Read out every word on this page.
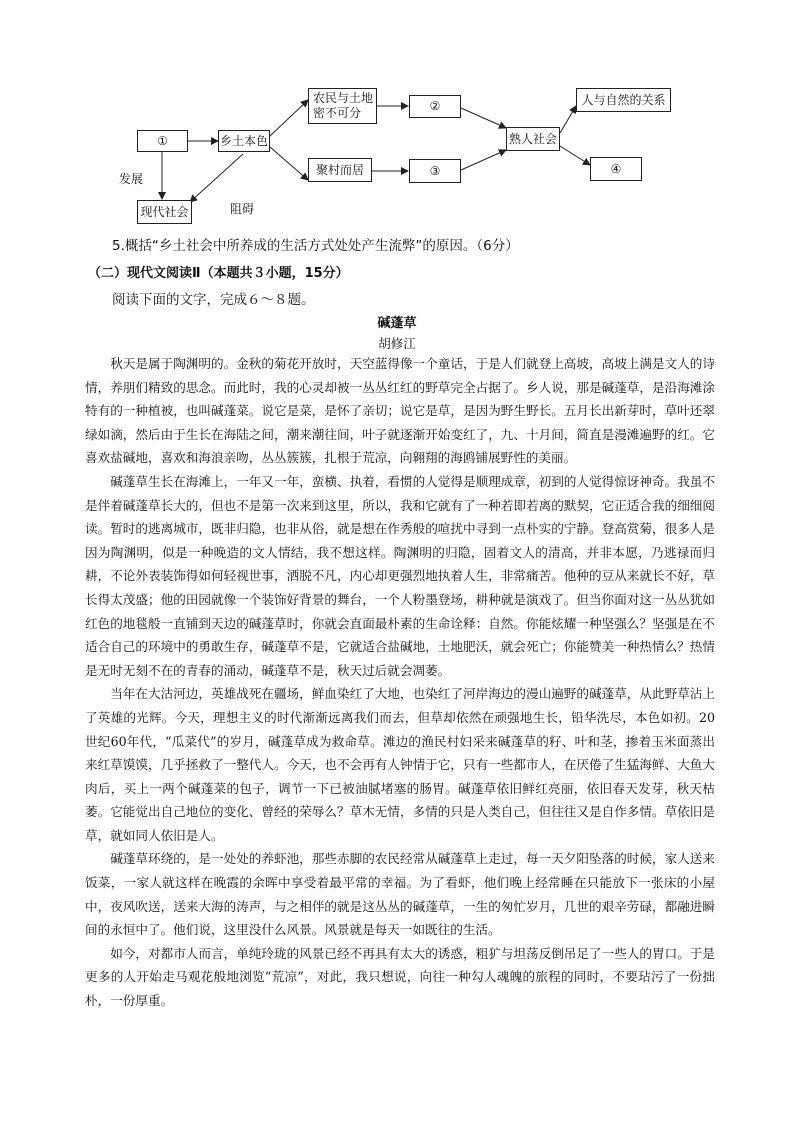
①	乡土本色
农民与土地密不可分	②
聚村而居	③
熟人社会
人与自然的关系
④
现代社会
发展
阻碍
5.概括“乡土社会中所养成的生活方式处处产生流弊”的原因。（6分）
（二）现代文阅读Ⅱ（本题共３小题，15分）
阅读下面的文字，完成６～８题。
碱蓬草
胡修江

秋天是属于陶渊明的。金秋的菊花开放时，天空蓝得像一个童话，于是人们就登上高坡，高坡上满是文人的诗情，养朋们精致的思念。而此时，我的心灵却被一丛丛红红的野草完全占据了。乡人说，那是碱蓬草，是沿海滩涂特有的一种植被，也叫碱蓬菜。说它是菜，是怀了亲切；说它是草，是因为野生野长。五月长出新芽时，草叶还翠绿如滴，然后由于生长在海陆之间，潮来潮往间，叶子就逐渐开始变红了，九、十月间，简直是漫滩遍野的红。它喜欢盐碱地，喜欢和海浪亲吻，丛丛簇簇，扎根于荒凉，向翱翔的海鸥铺展野性的美丽。

碱蓬草生长在海滩上，一年又一年，蛮横、执着，看惯的人觉得是顺理成章，初到的人觉得惊讶神奇。我虽不是伴着碱蓬草长大的，但也不是第一次来到这里，所以，我和它就有了一种若即若离的默契，它正适合我的细细阅读。暂时的逃离城市，既非归隐，也非从俗，就是想在作秀般的喧扰中寻到一点朴实的宁静。登高赏菊，很多人是因为陶渊明，似是一种晚造的文人情结，我不想这样。陶渊明的归隐，固着文人的清高，并非本愿，乃逃禄而归耕，不论外表装饰得如何轻视世事，洒脱不凡，内心却更强烈地执着人生，非常痛苦。他种的豆从来就长不好，草长得太茂盛；他的田园就像一个装饰好背景的舞台，一个人粉墨登场，耕种就是演戏了。但当你面对这一丛丛犹如红色的地毯般一直铺到天边的碱蓬草时，你就会直面最朴素的生命诠释：自然。你能炫耀一种坚强么？坚强是在不适合自己的环境中的勇敢生存，碱蓬草不是，它就适合盐碱地，土地肥沃，就会死亡；你能赞美一种热情么？热情是无时无刻不在的青春的涌动，碱蓬草不是，秋天过后就会凋萎。

当年在大沽河边，英雄战死在疆场，鲜血染红了大地，也染红了河岸海边的漫山遍野的碱蓬草，从此野草沾上了英雄的光辉。今天，理想主义的时代渐渐远离我们而去，但草却依然在顽强地生长，铅华洗尽，本色如初。20世纪60年代，“瓜菜代”的岁月，碱蓬草成为救命草。滩边的渔民村妇采来碱蓬草的籽、叶和茎，掺着玉米面蒸出来红草馍馍，几乎拯救了一整代人。今天，也不会再有人钟情于它，只有一些都市人，在厌倦了生猛海鲜、大鱼大肉后，买上一两个碱蓬菜的包子，调节一下已被油腻堵塞的肠胃。碱蓬草依旧鲜红亮丽，依旧春天发芽，秋天枯萎。它能觉出自己地位的变化、曾经的荣辱么？草木无情，多情的只是人类自己，但往往又是自作多情。草依旧是草，就如同人依旧是人。

碱蓬草环绕的，是一处处的养虾池，那些赤脚的农民经常从碱蓬草上走过，每一天夕阳坠落的时候，家人送来饭菜，一家人就这样在晚霞的余晖中享受着最平常的幸福。为了看虾，他们晚上经常睡在只能放下一张床的小屋中，夜风吹送，送来大海的涛声，与之相伴的就是这丛丛的碱蓬草，一生的匆忙岁月，几世的艰辛劳碌，都融进瞬间的永恒中了。他们说，这里没什么风景。风景就是每天一如既往的生活。

如今，对都市人而言，单纯玲珑的风景已经不再具有太大的诱惑，粗犷与坦荡反倒吊足了一些人的胃口。于是更多的人开始走马观花般地浏览“荒凉”，对此，我只想说，向往一种勾人魂魄的旅程的同时，不要玷污了一份拙朴，一份厚重。
